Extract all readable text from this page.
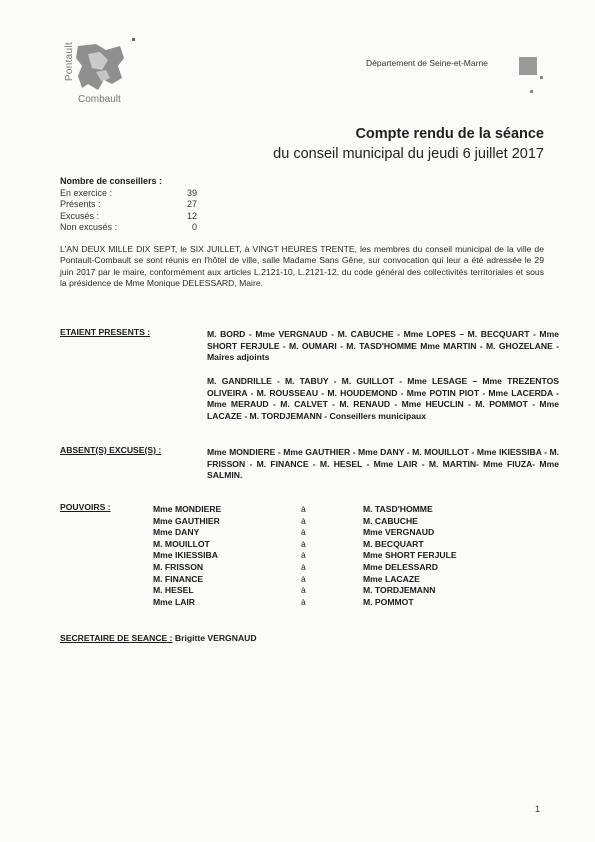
Pontault
Combault
Département de Seine-et-Marne
Compte rendu de la séance
du conseil municipal du jeudi 6 juillet 2017
Nombre de conseillers :
En exercice :	39
Présents :	27
Excusés :	12
Non excusés :	0
L'AN DEUX MILLE DIX SEPT, le SIX JUILLET, à VINGT HEURES TRENTE, les membres du conseil municipal de la ville de Pontault-Combault se sont réunis en l'hôtel de ville, salle Madame Sans Gêne, sur convocation qui leur a été adressée le 29 juin 2017 par le maire, conformément aux articles L.2121-10, L.2121-12, du code général des collectivités territoriales et sous la présidence de Mme Monique DELESSARD, Maire.
ETAIENT PRESENTS :	M. BORD - Mme VERGNAUD - M. CABUCHE - Mme LOPES – M. BECQUART - Mme SHORT FERJULE - M. OUMARI - M. TASD'HOMME Mme MARTIN - M. GHOZELANE - Maires adjoints
M. GANDRILLE - M. TABUY - M. GUILLOT - Mme LESAGE – Mme TREZENTOS OLIVEIRA - M. ROUSSEAU - M. HOUDEMOND - Mme POTIN PIOT - Mme LACERDA - Mme MERAUD - M. CALVET - M. RENAUD - Mme HEUCLIN - M. POMMOT - Mme LACAZE - M. TORDJEMANN - Conseillers municipaux
ABSENT(S) EXCUSE(S) :	Mme MONDIERE - Mme GAUTHIER - Mme DANY - M. MOUILLOT - Mme IKIESSIBA - M. FRISSON - M. FINANCE - M. HESEL - Mme LAIR - M. MARTIN- Mme FIUZA- Mme SALMIN.
POUVOIRS :	Mme MONDIERE	à	M. TASD'HOMME
Mme GAUTHIER	à	M. CABUCHE
Mme DANY	à	Mme VERGNAUD
M. MOUILLOT	à	M. BECQUART
Mme IKIESSIBA	à	Mme SHORT FERJULE
M. FRISSON	à	Mme DELESSARD
M. FINANCE	à	Mme LACAZE
M. HESEL	à	M. TORDJEMANN
Mme LAIR	à	M. POMMOT
SECRETAIRE DE SEANCE : Brigitte VERGNAUD
1
